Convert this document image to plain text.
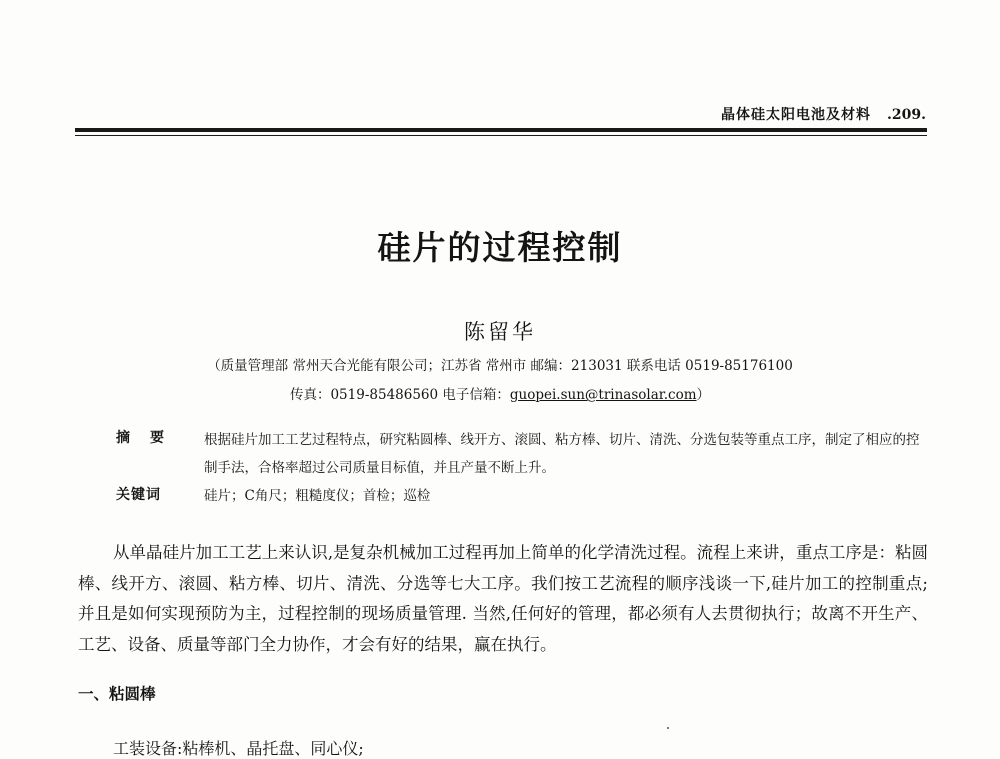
晶体硅太阳电池及材料 .209.
硅片的过程控制
陈留华
（质量管理部 常州天合光能有限公司；江苏省 常州市 邮编：213031 联系电话 0519-85176100
传真：0519-85486560 电子信箱：guopei.sun@trinasolar.com）
摘要 根据硅片加工工艺过程特点，研究粘圆棒、线开方、滚圆、粘方棒、切片、清洗、分选包装等重点工序，制定了相应的控制手法，合格率超过公司质量目标值，并且产量不断上升。
关键词	硅片；C角尺；粗糙度仪；首检；巡检
从单晶硅片加工工艺上来认识,是复杂机械加工过程再加上简单的化学清洗过程。流程上来讲，重点工序是：粘圆棒、线开方、滚圆、粘方棒、切片、清洗、分选等七大工序。我们按工艺流程的顺序浅谈一下,硅片加工的控制重点;并且是如何实现预防为主，过程控制的现场质量管理. 当然,任何好的管理，都必须有人去贯彻执行；故离不开生产、工艺、设备、质量等部门全力协作，才会有好的结果，赢在执行。
一、粘圆棒
工装设备:粘棒机、晶托盘、同心仪;
